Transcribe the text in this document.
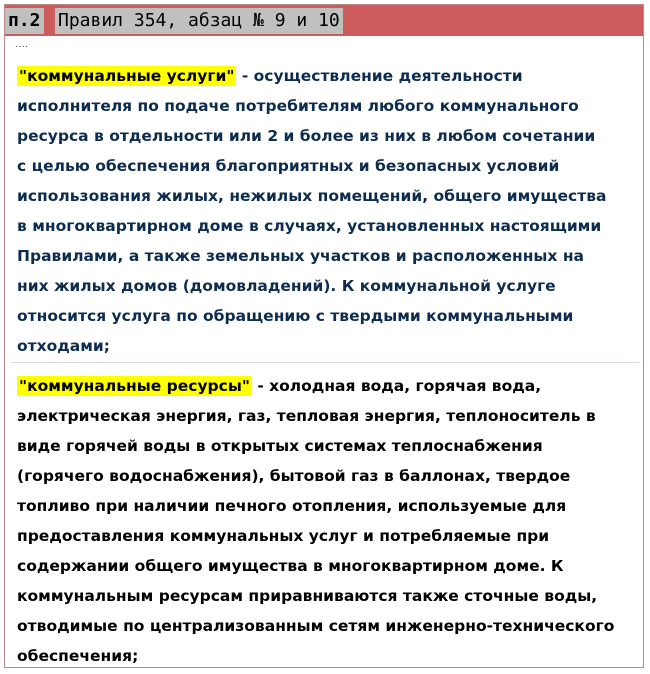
п.2 Правил 354, абзац № 9 и 10
….
"коммунальные услуги" - осуществление деятельности
исполнителя по подаче потребителям любого коммунального
ресурса в отдельности или 2 и более из них в любом сочетании
с целью обеспечения благоприятных и безопасных условий
использования жилых, нежилых помещений, общего имущества
в многоквартирном доме в случаях, установленных настоящими
Правилами, а также земельных участков и расположенных на
них жилых домов (домовладений). К коммунальной услуге
относится услуга по обращению с твердыми коммунальными
отходами;
"коммунальные ресурсы" - холодная вода, горячая вода,
электрическая энергия, газ, тепловая энергия, теплоноситель в
виде горячей воды в открытых системах теплоснабжения
(горячего водоснабжения), бытовой газ в баллонах, твердое
топливо при наличии печного отопления, используемые для
предоставления коммунальных услуг и потребляемые при
содержании общего имущества в многоквартирном доме. К
коммунальным ресурсам приравниваются также сточные воды,
отводимые по централизованным сетям инженерно-технического
обеспечения;
